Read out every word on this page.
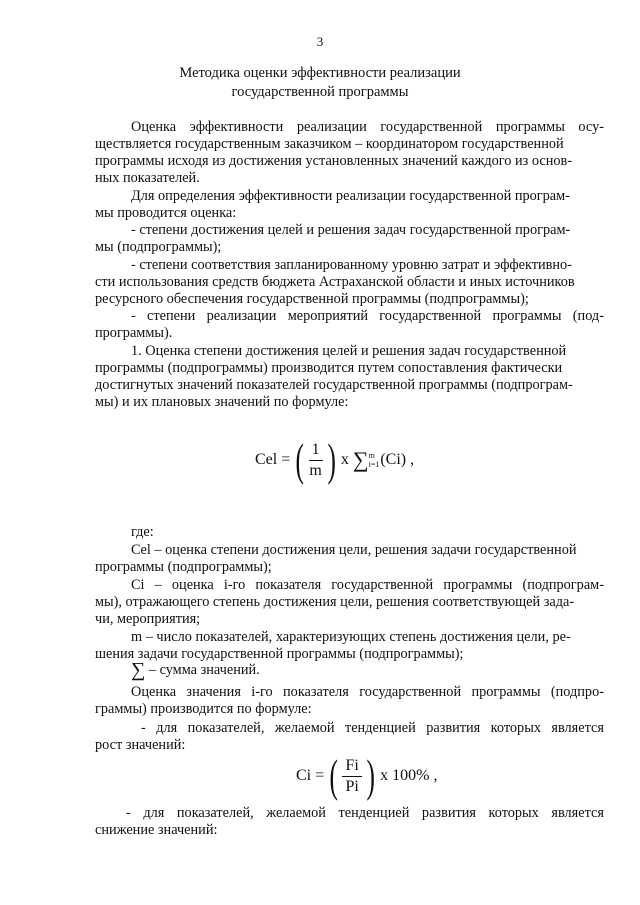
3
Методика оценки эффективности реализации
государственной программы
Оценка эффективности реализации государственной программы осу-
ществляется государственным заказчиком – координатором государственной
программы исходя из достижения установленных значений каждого из основ-
ных показателей.
Для определения эффективности реализации государственной програм-
мы проводится оценка:
- степени достижения целей и решения задач государственной програм-
мы (подпрограммы);
- степени соответствия запланированному уровню затрат и эффективно-
сти использования средств бюджета Астраханской области и иных источников
ресурсного обеспечения государственной программы (подпрограммы);
- степени реализации мероприятий государственной программы (под-
программы).
1. Оценка степени достижения целей и решения задач государственной
программы (подпрограммы) производится путем сопоставления фактически
достигнутых значений показателей государственной программы (подпрограм-
мы) и их плановых значений по формуле:
Cel = ( $\frac{1}{m}$ ) x ∑ m
i=1 (Ci) ,
где:
Cel – оценка степени достижения цели, решения задачи государственной
программы (подпрограммы);
Ci – оценка i-го показателя государственной программы (подпрограм-
мы), отражающего степень достижения цели, решения соответствующей зада-
чи, мероприятия;
m – число показателей, характеризующих степень достижения цели, ре-
шения задачи государственной программы (подпрограммы);
∑ – сумма значений.
Оценка значения i-го показателя государственной программы (подпро-
граммы) производится по формуле:
- для показателей, желаемой тенденцией развития которых является
рост значений:
Ci = ( $\frac{Fi}{Pi}$ ) x 100% ,
- для показателей, желаемой тенденцией развития которых является
снижение значений:
